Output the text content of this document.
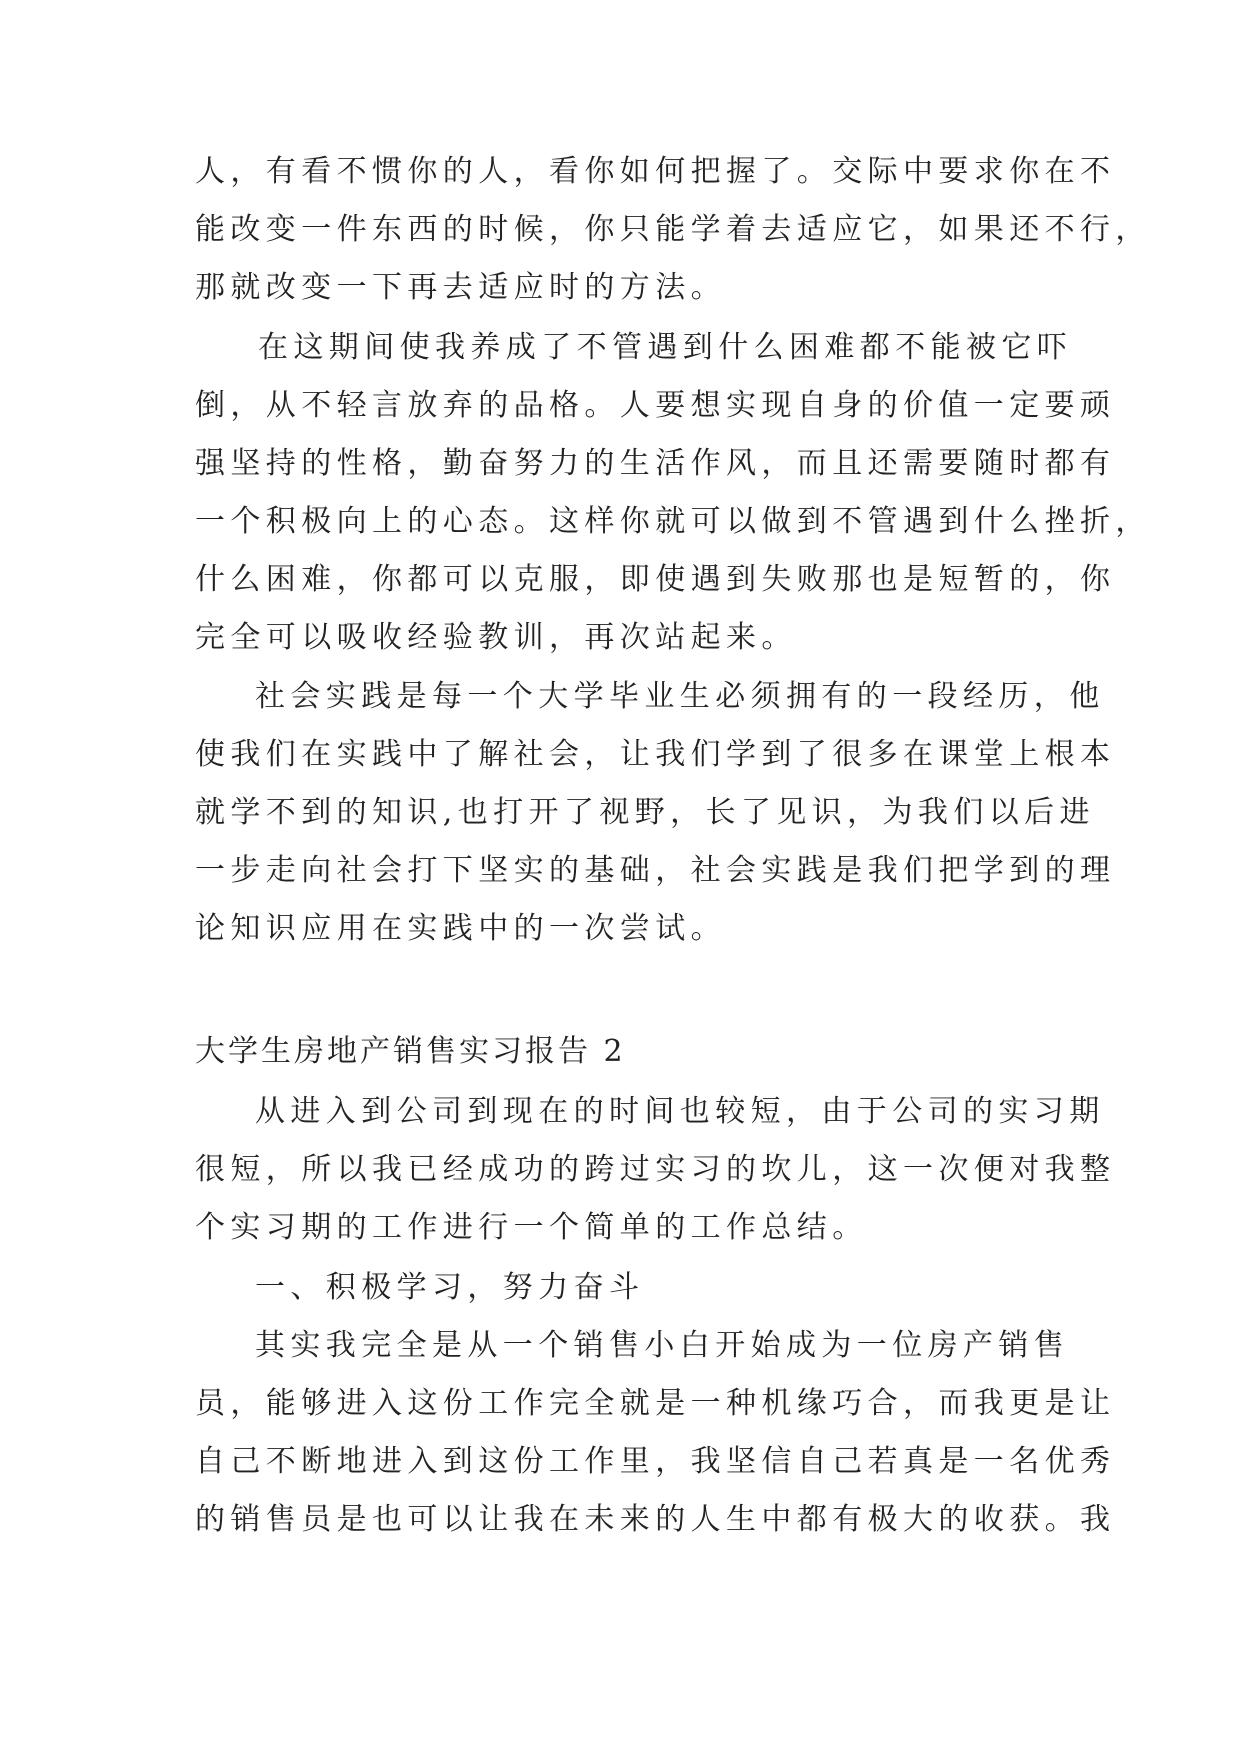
人，有看不惯你的人，看你如何把握了。交际中要求你在不
能改变一件东西的时候，你只能学着去适应它，如果还不行，
那就改变一下再去适应时的方法。
在这期间使我养成了不管遇到什么困难都不能被它吓
倒，从不轻言放弃的品格。人要想实现自身的价值一定要顽
强坚持的性格，勤奋努力的生活作风，而且还需要随时都有
一个积极向上的心态。这样你就可以做到不管遇到什么挫折，
什么困难，你都可以克服，即使遇到失败那也是短暂的，你
完全可以吸收经验教训，再次站起来。
社会实践是每一个大学毕业生必须拥有的一段经历，他
使我们在实践中了解社会，让我们学到了很多在课堂上根本
就学不到的知识,也打开了视野，长了见识，为我们以后进
一步走向社会打下坚实的基础，社会实践是我们把学到的理
论知识应用在实践中的一次尝试。
大学生房地产销售实习报告 2
从进入到公司到现在的时间也较短，由于公司的实习期
很短，所以我已经成功的跨过实习的坎儿，这一次便对我整
个实习期的工作进行一个简单的工作总结。
一、积极学习，努力奋斗
其实我完全是从一个销售小白开始成为一位房产销售
员，能够进入这份工作完全就是一种机缘巧合，而我更是让
自己不断地进入到这份工作里，我坚信自己若真是一名优秀
的销售员是也可以让我在未来的人生中都有极大的收获。我
